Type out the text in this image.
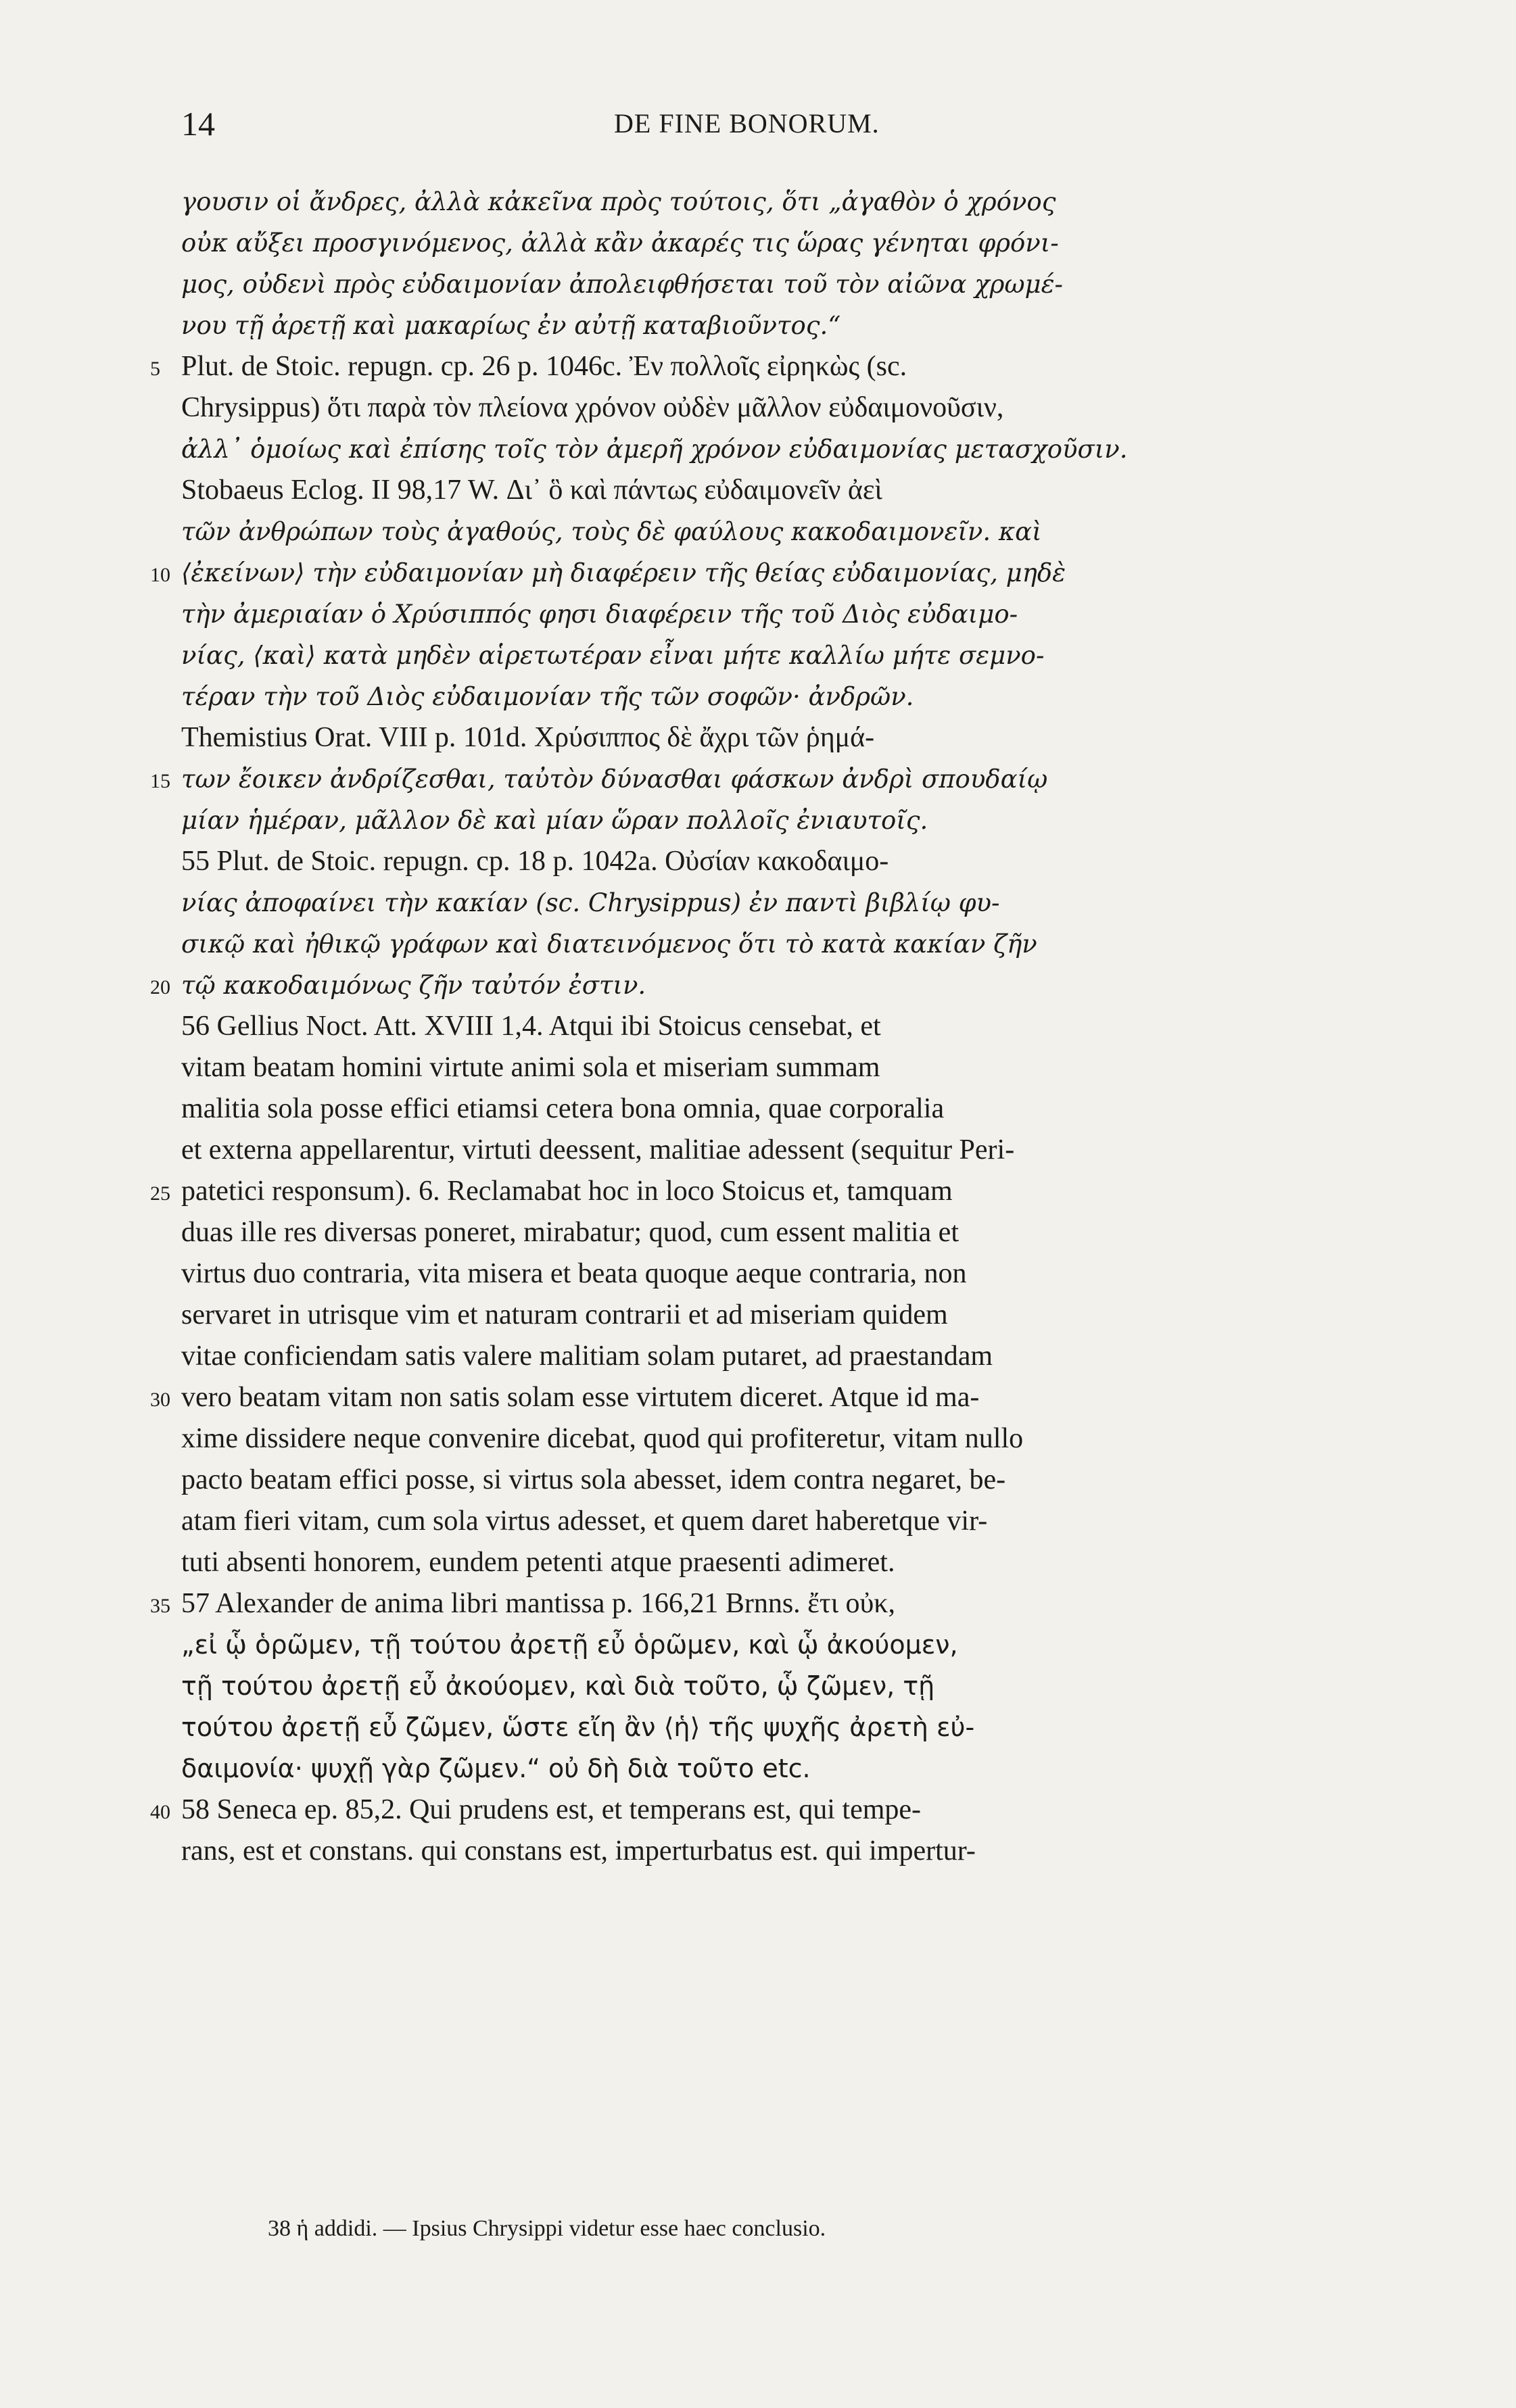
14	DE FINE BONORUM.
γουσιν οἱ ἄνδρες, ἀλλὰ κἀκεῖνα πρὸς τούτοις, ὅτι „ἀγαθὸν ὁ χρόνος
οὐκ αὔξει προσγινόμενος, ἀλλὰ κἂν ἀκαρές τις ὥρας γένηται φρόνι-
μος, οὐδενὶ πρὸς εὐδαιμονίαν ἀπολειφθήσεται τοῦ τὸν αἰῶνα χρωμέ-
νου τῇ ἀρετῇ καὶ μακαρίως ἐν αὐτῇ καταβιοῦντος.“
5 Plut. de Stoic. repugn. cp. 26 p. 1046c. Ἐν πολλοῖς εἰρηκὼς (sc.
Chrysippus) ὅτι παρὰ τὸν πλείονα χρόνον οὐδὲν μᾶλλον εὐδαιμονοῦσιν,
ἀλλ᾿ ὁμοίως καὶ ἐπίσης τοῖς τὸν ἀμερῆ χρόνον εὐδαιμονίας μετασχοῦσιν.
Stobaeus Eclog. II 98,17 W. Δι᾿ ὃ καὶ πάντως εὐδαιμονεῖν ἀεὶ
τῶν ἀνθρώπων τοὺς ἀγαθούς, τοὺς δὲ φαύλους κακοδαιμονεῖν. καὶ
10 ⟨ἐκείνων⟩ τὴν εὐδαιμονίαν μὴ διαφέρειν τῆς θείας εὐδαιμονίας, μηδὲ
τὴν ἀμεριαίαν ὁ Χρύσιππός φησι διαφέρειν τῆς τοῦ Διὸς εὐδαιμο-
νίας, ⟨καὶ⟩ κατὰ μηδὲν αἱρετωτέραν εἶναι μήτε καλλίω μήτε σεμνο-
τέραν τὴν τοῦ Διὸς εὐδαιμονίαν τῆς τῶν σοφῶν· ἀνδρῶν.
Themistius Orat. VIII p. 101d. Χρύσιππος δὲ ἄχρι τῶν ῥημά-
15 των ἔοικεν ἀνδρίζεσθαι, ταὐτὸν δύνασθαι φάσκων ἀνδρὶ σπουδαίῳ
μίαν ἡμέραν, μᾶλλον δὲ καὶ μίαν ὥραν πολλοῖς ἐνιαυτοῖς.
55 Plut. de Stoic. repugn. cp. 18 p. 1042a. Οὐσίαν κακοδαιμο-
νίας ἀποφαίνει τὴν κακίαν (sc. Chrysippus) ἐν παντὶ βιβλίῳ φυ-
σικῷ καὶ ἠθικῷ γράφων καὶ διατεινόμενος ὅτι τὸ κατὰ κακίαν ζῆν
20 τῷ κακοδαιμόνως ζῆν ταὐτόν ἐστιν.
56 Gellius Noct. Att. XVIII 1,4. Atqui ibi Stoicus censebat, et
vitam beatam homini virtute animi sola et miseriam summam
malitia sola posse effici etiamsi cetera bona omnia, quae corporalia
et externa appellarentur, virtuti deessent, malitiae adessent (sequitur Peri-
25 patetici responsum). 6. Reclamabat hoc in loco Stoicus et, tamquam
duas ille res diversas poneret, mirabatur; quod, cum essent malitia et
virtus duo contraria, vita misera et beata quoque aeque contraria, non
servaret in utrisque vim et naturam contrarii et ad miseriam quidem
vitae conficiendam satis valere malitiam solam putaret, ad praestandam
30 vero beatam vitam non satis solam esse virtutem diceret. Atque id ma-
xime dissidere neque convenire dicebat, quod qui profiteretur, vitam nullo
pacto beatam effici posse, si virtus sola abesset, idem contra negaret, be-
atam fieri vitam, cum sola virtus adesset, et quem daret haberetque vir-
tuti absenti honorem, eundem petenti atque praesenti adimeret.
35 57 Alexander de anima libri mantissa p. 166,21 Brnns. ἔτι οὐκ,
„εἰ ᾧ ὁρῶμεν, τῇ τούτου ἀρετῇ εὖ ὁρῶμεν, καὶ ᾧ ἀκούομεν,
τῇ τούτου ἀρετῇ εὖ ἀκούομεν, καὶ διὰ τοῦτο, ᾧ ζῶμεν, τῇ
τούτου ἀρετῇ εὖ ζῶμεν, ὥστε εἴη ἂν ⟨ἡ⟩ τῆς ψυχῆς ἀρετὴ εὐ-
δαιμονία· ψυχῇ γὰρ ζῶμεν.“ οὐ δὴ διὰ τοῦτο etc.
40 58 Seneca ep. 85,2. Qui prudens est, et temperans est, qui tempe-
rans, est et constans. qui constans est, imperturbatus est. qui impertur-
38 ἡ addidi. — Ipsius Chrysippi videtur esse haec conclusio.
